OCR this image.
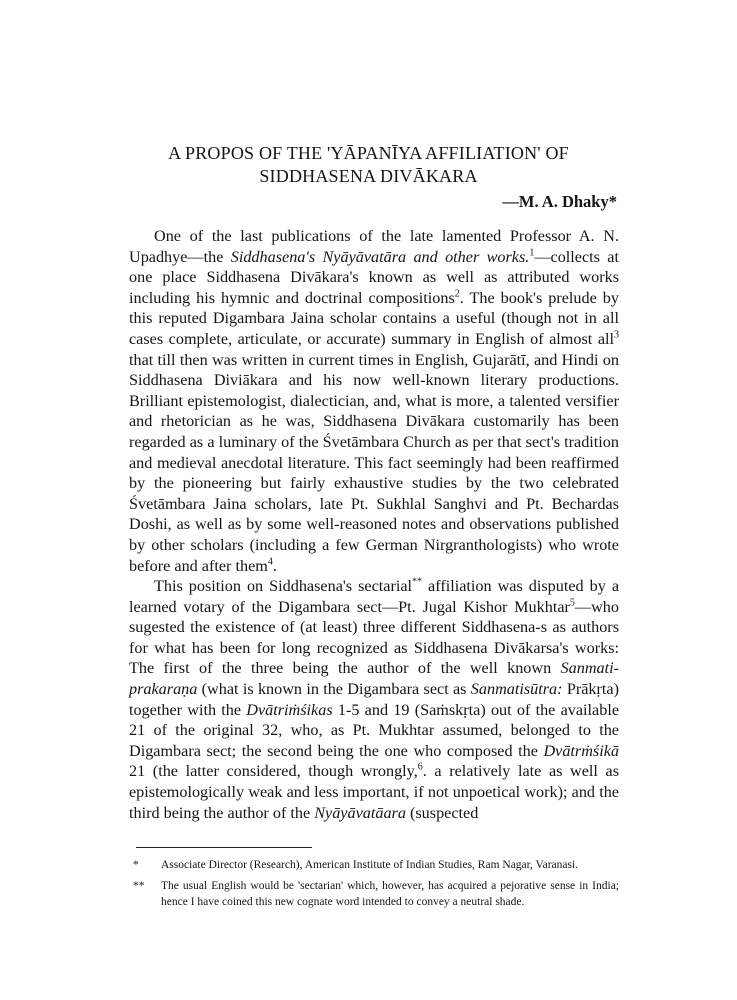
A PROPOS OF THE 'YĀPANĪYA AFFILIATION' OF
SIDDHASENA DIVĀKARA
—M. A. Dhaky*

One of the last publications of the late lamented Professor A. N. Upadhye—the Siddhasena's Nyāyāvatāra and other works.$^1$—collects at one place Siddhasena Divākara's known as well as attributed works including his hymnic and doctrinal compositions$^2$. The book's prelude by this reputed Digambara Jaina scholar contains a useful (though not in all cases complete, articulate, or accurate) summary in English of almost all$^3$ that till then was written in current times in English, Gujarātī, and Hindi on Siddhasena Diviākara and his now well-known literary productions. Brilliant epistemologist, dialectician, and, what is more, a talented versifier and rhetorician as he was, Siddhasena Divākara customarily has been regarded as a luminary of the Śvetāmbara Church as per that sect's tradition and medieval anecdotal literature. This fact seemingly had been reaffirmed by the pioneering but fairly exhaustive studies by the two celebrated Śvetāmbara Jaina scholars, late Pt. Sukhlal Sanghvi and Pt. Bechardas Doshi, as well as by some well-reasoned notes and observations published by other scholars (including a few German Nirgranthologists) who wrote before and after them$^4$.

This position on Siddhasena's sectarial** affiliation was disputed by a learned votary of the Digambara sect—Pt. Jugal Kishor Mukhtar$^5$—who sugested the existence of (at least) three different Siddhasena-s as authors for what has been for long recognized as Siddhasena Divākarsa's works: The first of the three being the author of the well known Sanmati-prakaraṇa (what is known in the Digambara sect as Sanmatisūtra: Prākṛta) together with the Dvātriṁśikas 1-5 and 19 (Saṁskṛta) out of the available 21 of the original 32, who, as Pt. Mukhtar assumed, belonged to the Digambara sect; the second being the one who composed the Dvātrṁśikā 21 (the latter considered, though wrongly,$^6$. a relatively late as well as epistemologically weak and less important, if not unpoetical work); and the third being the author of the Nyāyāvatāara (suspected

*	Associate Director (Research), American Institute of Indian Studies, Ram Nagar, Varanasi.
**	The usual English would be 'sectarian' which, however, has acquired a pejorative sense in India; hence I have coined this new cognate word intended to convey a neutral shade.
